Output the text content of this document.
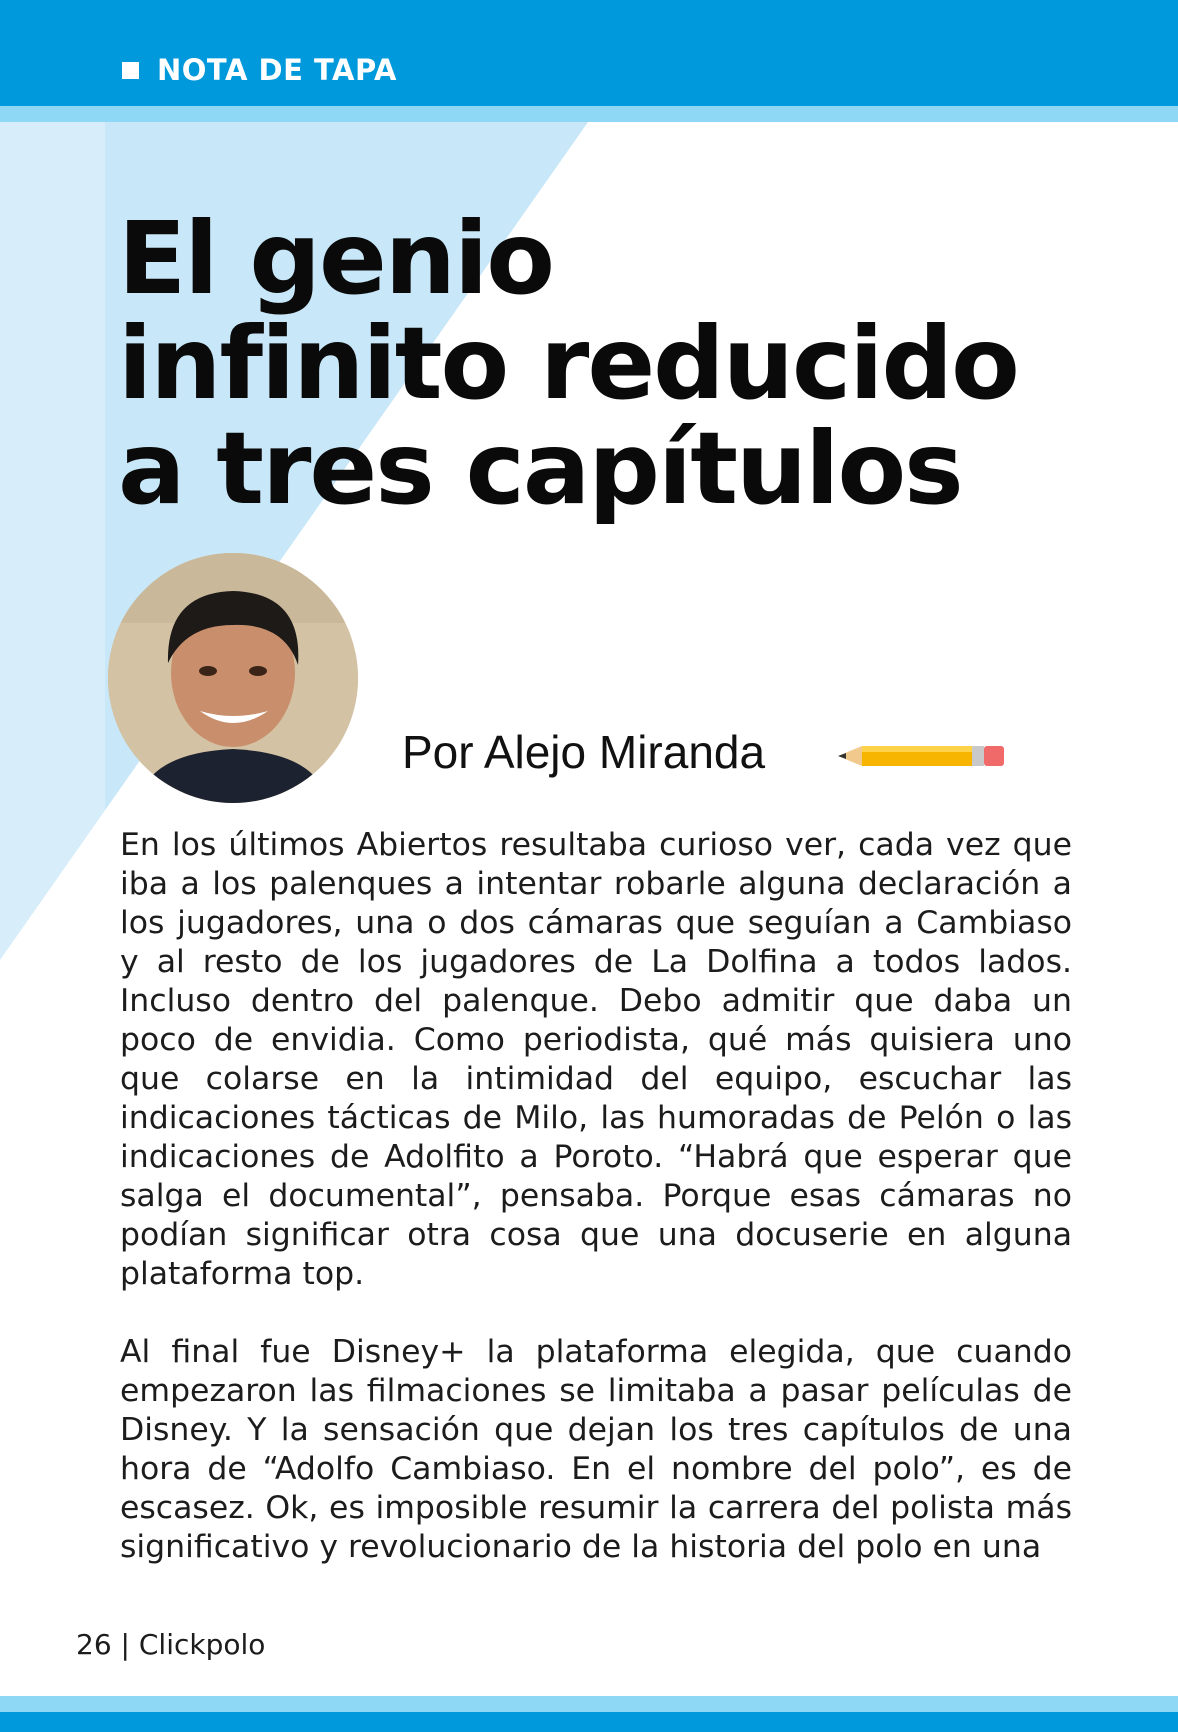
NOTA DE TAPA
El genio
infinito reducido
a tres capítulos
Por Alejo Miranda

En los últimos Abiertos resultaba curioso ver, cada vez que iba a los palenques a intentar robarle alguna declaración a los jugadores, una o dos cámaras que seguían a Cambiaso y al resto de los jugadores de La Dolfina a todos lados. Incluso dentro del palenque. Debo admitir que daba un poco de envidia. Como periodista, qué más quisiera uno que colarse en la intimidad del equipo, escuchar las indicaciones tácticas de Milo, las humoradas de Pelón o las indicaciones de Adolfito a Poroto. “Habrá que esperar que salga el documental”, pensaba. Porque esas cámaras no podían significar otra cosa que una docuserie en alguna plataforma top.

Al final fue Disney+ la plataforma elegida, que cuando empezaron las filmaciones se limitaba a pasar películas de Disney. Y la sensación que dejan los tres capítulos de una hora de “Adolfo Cambiaso. En el nombre del polo”, es de escasez. Ok, es imposible resumir la carrera del polista más significativo y revolucionario de la historia del polo en una

26 | Clickpolo
